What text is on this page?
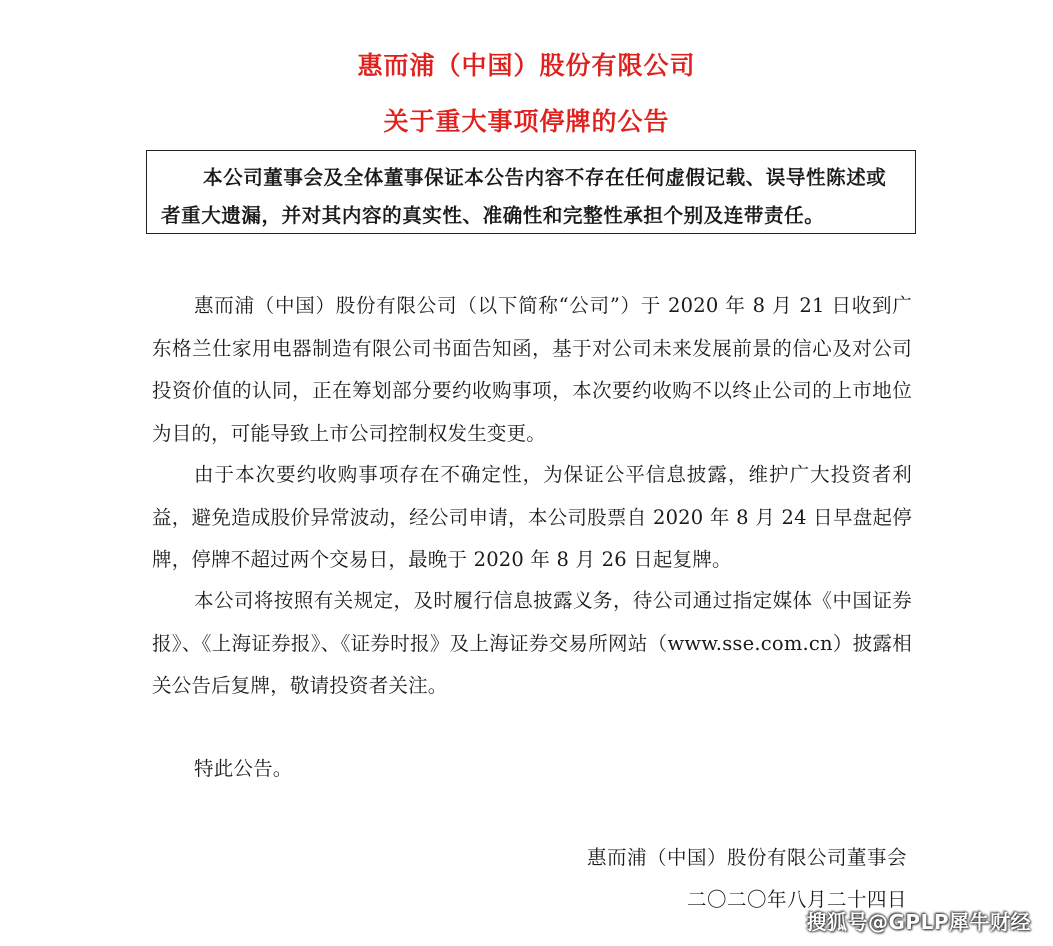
惠而浦（中国）股份有限公司
关于重大事项停牌的公告
本公司董事会及全体董事保证本公告内容不存在任何虚假记载、误导性陈述或者重大遗漏，并对其内容的真实性、准确性和完整性承担个别及连带责任。
惠而浦（中国）股份有限公司（以下简称“公司”）于 2020 年 8 月 21 日收到广东格兰仕家用电器制造有限公司书面告知函，基于对公司未来发展前景的信心及对公司投资价值的认同，正在筹划部分要约收购事项，本次要约收购不以终止公司的上市地位为目的，可能导致上市公司控制权发生变更。
由于本次要约收购事项存在不确定性，为保证公平信息披露，维护广大投资者利益，避免造成股价异常波动，经公司申请，本公司股票自 2020 年 8 月 24 日早盘起停牌，停牌不超过两个交易日，最晚于 2020 年 8 月 26 日起复牌。
本公司将按照有关规定，及时履行信息披露义务，待公司通过指定媒体《中国证券报》、《上海证券报》、《证券时报》及上海证券交易所网站（www.sse.com.cn）披露相关公告后复牌，敬请投资者关注。
特此公告。
惠而浦（中国）股份有限公司董事会
二〇二〇年八月二十四日
搜狐号@GPLP犀牛财经
